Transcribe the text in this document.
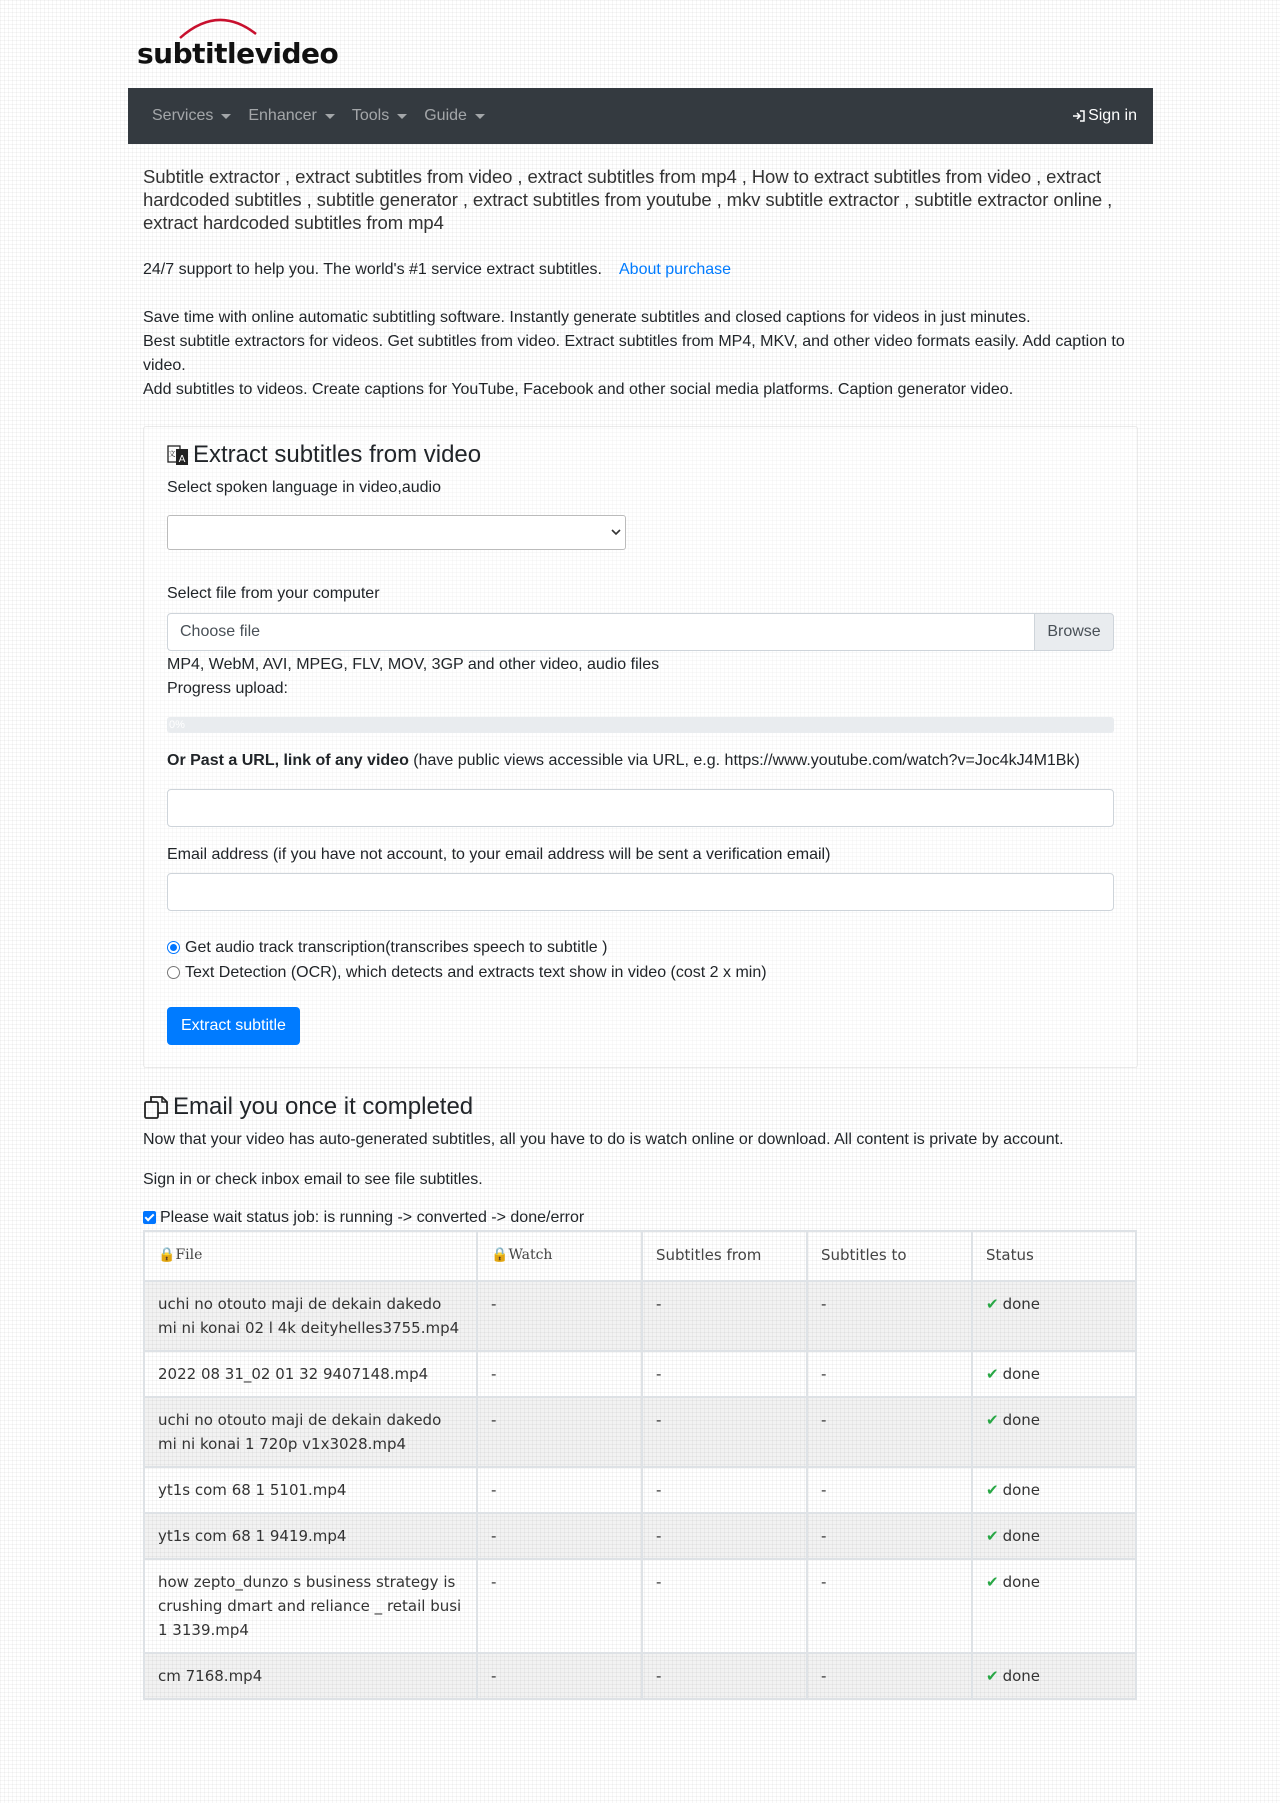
subtitlevideo
Services Enhancer Tools Guide	Sign in
Subtitle extractor , extract subtitles from video , extract subtitles from mp4 , How to extract subtitles from video , extract hardcoded subtitles , subtitle generator , extract subtitles from youtube , mkv subtitle extractor , subtitle extractor online , extract hardcoded subtitles from mp4
24/7 support to help you. The world's #1 service extract subtitles. About purchase

Save time with online automatic subtitling software. Instantly generate subtitles and closed captions for videos in just minutes.

Best subtitle extractors for videos. Get subtitles from video. Extract subtitles from MP4, MKV, and other video formats easily. Add caption to video.

Add subtitles to videos. Create captions for YouTube, Facebook and other social media platforms. Caption generator video.

A
文 Extract subtitles from video
Select spoken language in video,audio
Select file from your computer
Choose file	Browse
MP4, WebM, AVI, MPEG, FLV, MOV, 3GP and other video, audio files
Progress upload:
0%
Or Past a URL, link of any video (have public views accessible via URL, e.g. https://www.youtube.com/watch?v=Joc4kJ4M1Bk)
Email address (if you have not account, to your email address will be sent a verification email)
Get audio track transcription(transcribes speech to subtitle )
Text Detection (OCR), which detects and extracts text show in video (cost 2 x min)
Extract subtitle
Email you once it completed
Now that your video has auto-generated subtitles, all you have to do is watch online or download. All content is private by account.
Sign in or check inbox email to see file subtitles.
Please wait status job: is running -> converted -> done/error
🔒File	🔒Watch	Subtitles from	Subtitles to	Status
uchi no otouto maji de dekain dakedo mi ni konai 02 l 4k deityhelles3755.mp4	-	-	-	✔ done
2022 08 31_02 01 32 9407148.mp4	-	-	-	✔ done
uchi no otouto maji de dekain dakedo mi ni konai 1 720p v1x3028.mp4	-	-	-	✔ done
yt1s com 68 1 5101.mp4	-	-	-	✔ done
yt1s com 68 1 9419.mp4	-	-	-	✔ done
how zepto_dunzo s business strategy is crushing dmart and reliance _ retail busi 1 3139.mp4	-	-	-	✔ done
cm 7168.mp4	-	-	-	✔ done
